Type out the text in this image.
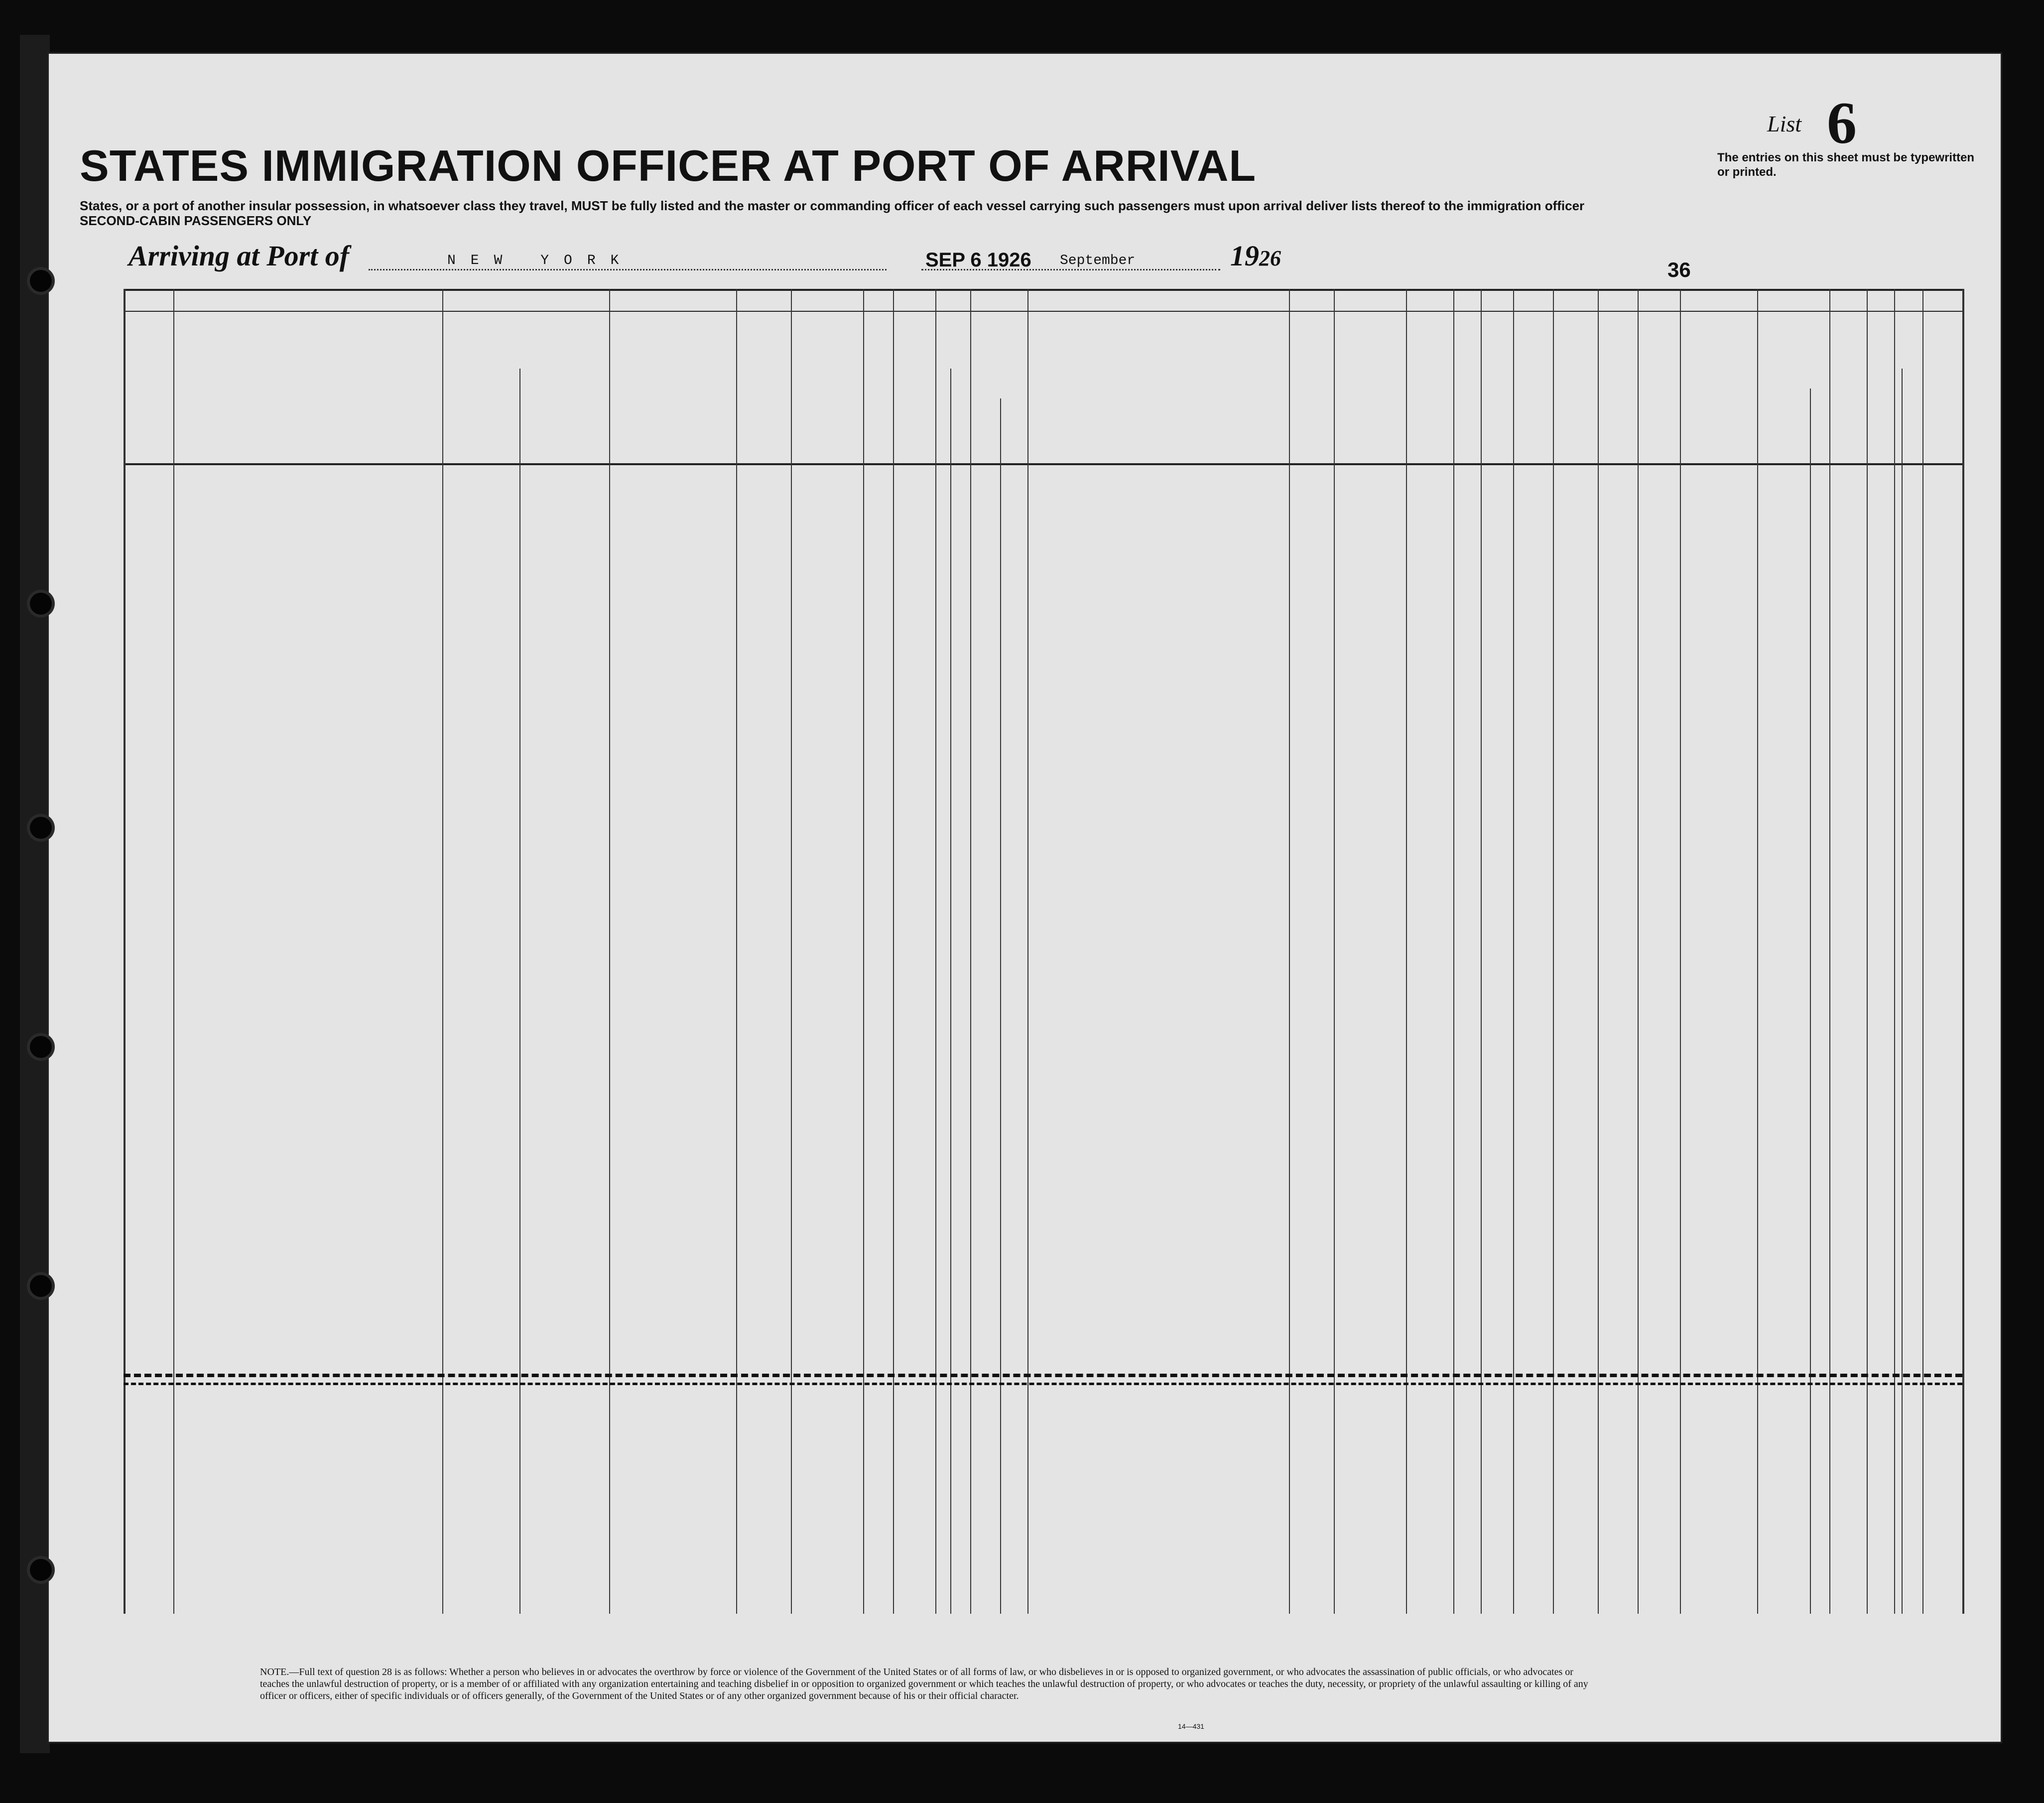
STATES IMMIGRATION OFFICER AT PORT OF ARRIVAL
States, or a port of another insular possession, in whatsoever class they travel, MUST be fully listed and the master or commanding officer of each vessel carrying such passengers must upon arrival deliver lists thereof to the immigration officer
SECOND-CABIN PASSENGERS ONLY
List 6
The entries on this sheet must be typewritten or printed.
Arriving at Port of	NEW YORK	SEP 6 1926 September	1926	36
NOTE.—Full text of question 28 is as follows: Whether a person who believes in or advocates the overthrow by force or violence of the Government of the United States or of all forms of law, or who disbelieves in or is opposed to organized government, or who advocates the assassination of public officials, or who advocates or teaches the unlawful destruction of property, or is a member of or affiliated with any organization entertaining and teaching disbelief in or opposition to organized government or which teaches the unlawful destruction of property, or who advocates or teaches the duty, necessity, or propriety of the unlawful assaulting or killing of any officer or officers, either of specific individuals or of officers generally, of the Government of the United States or of any other organized government because of his or their official character.
14—431
